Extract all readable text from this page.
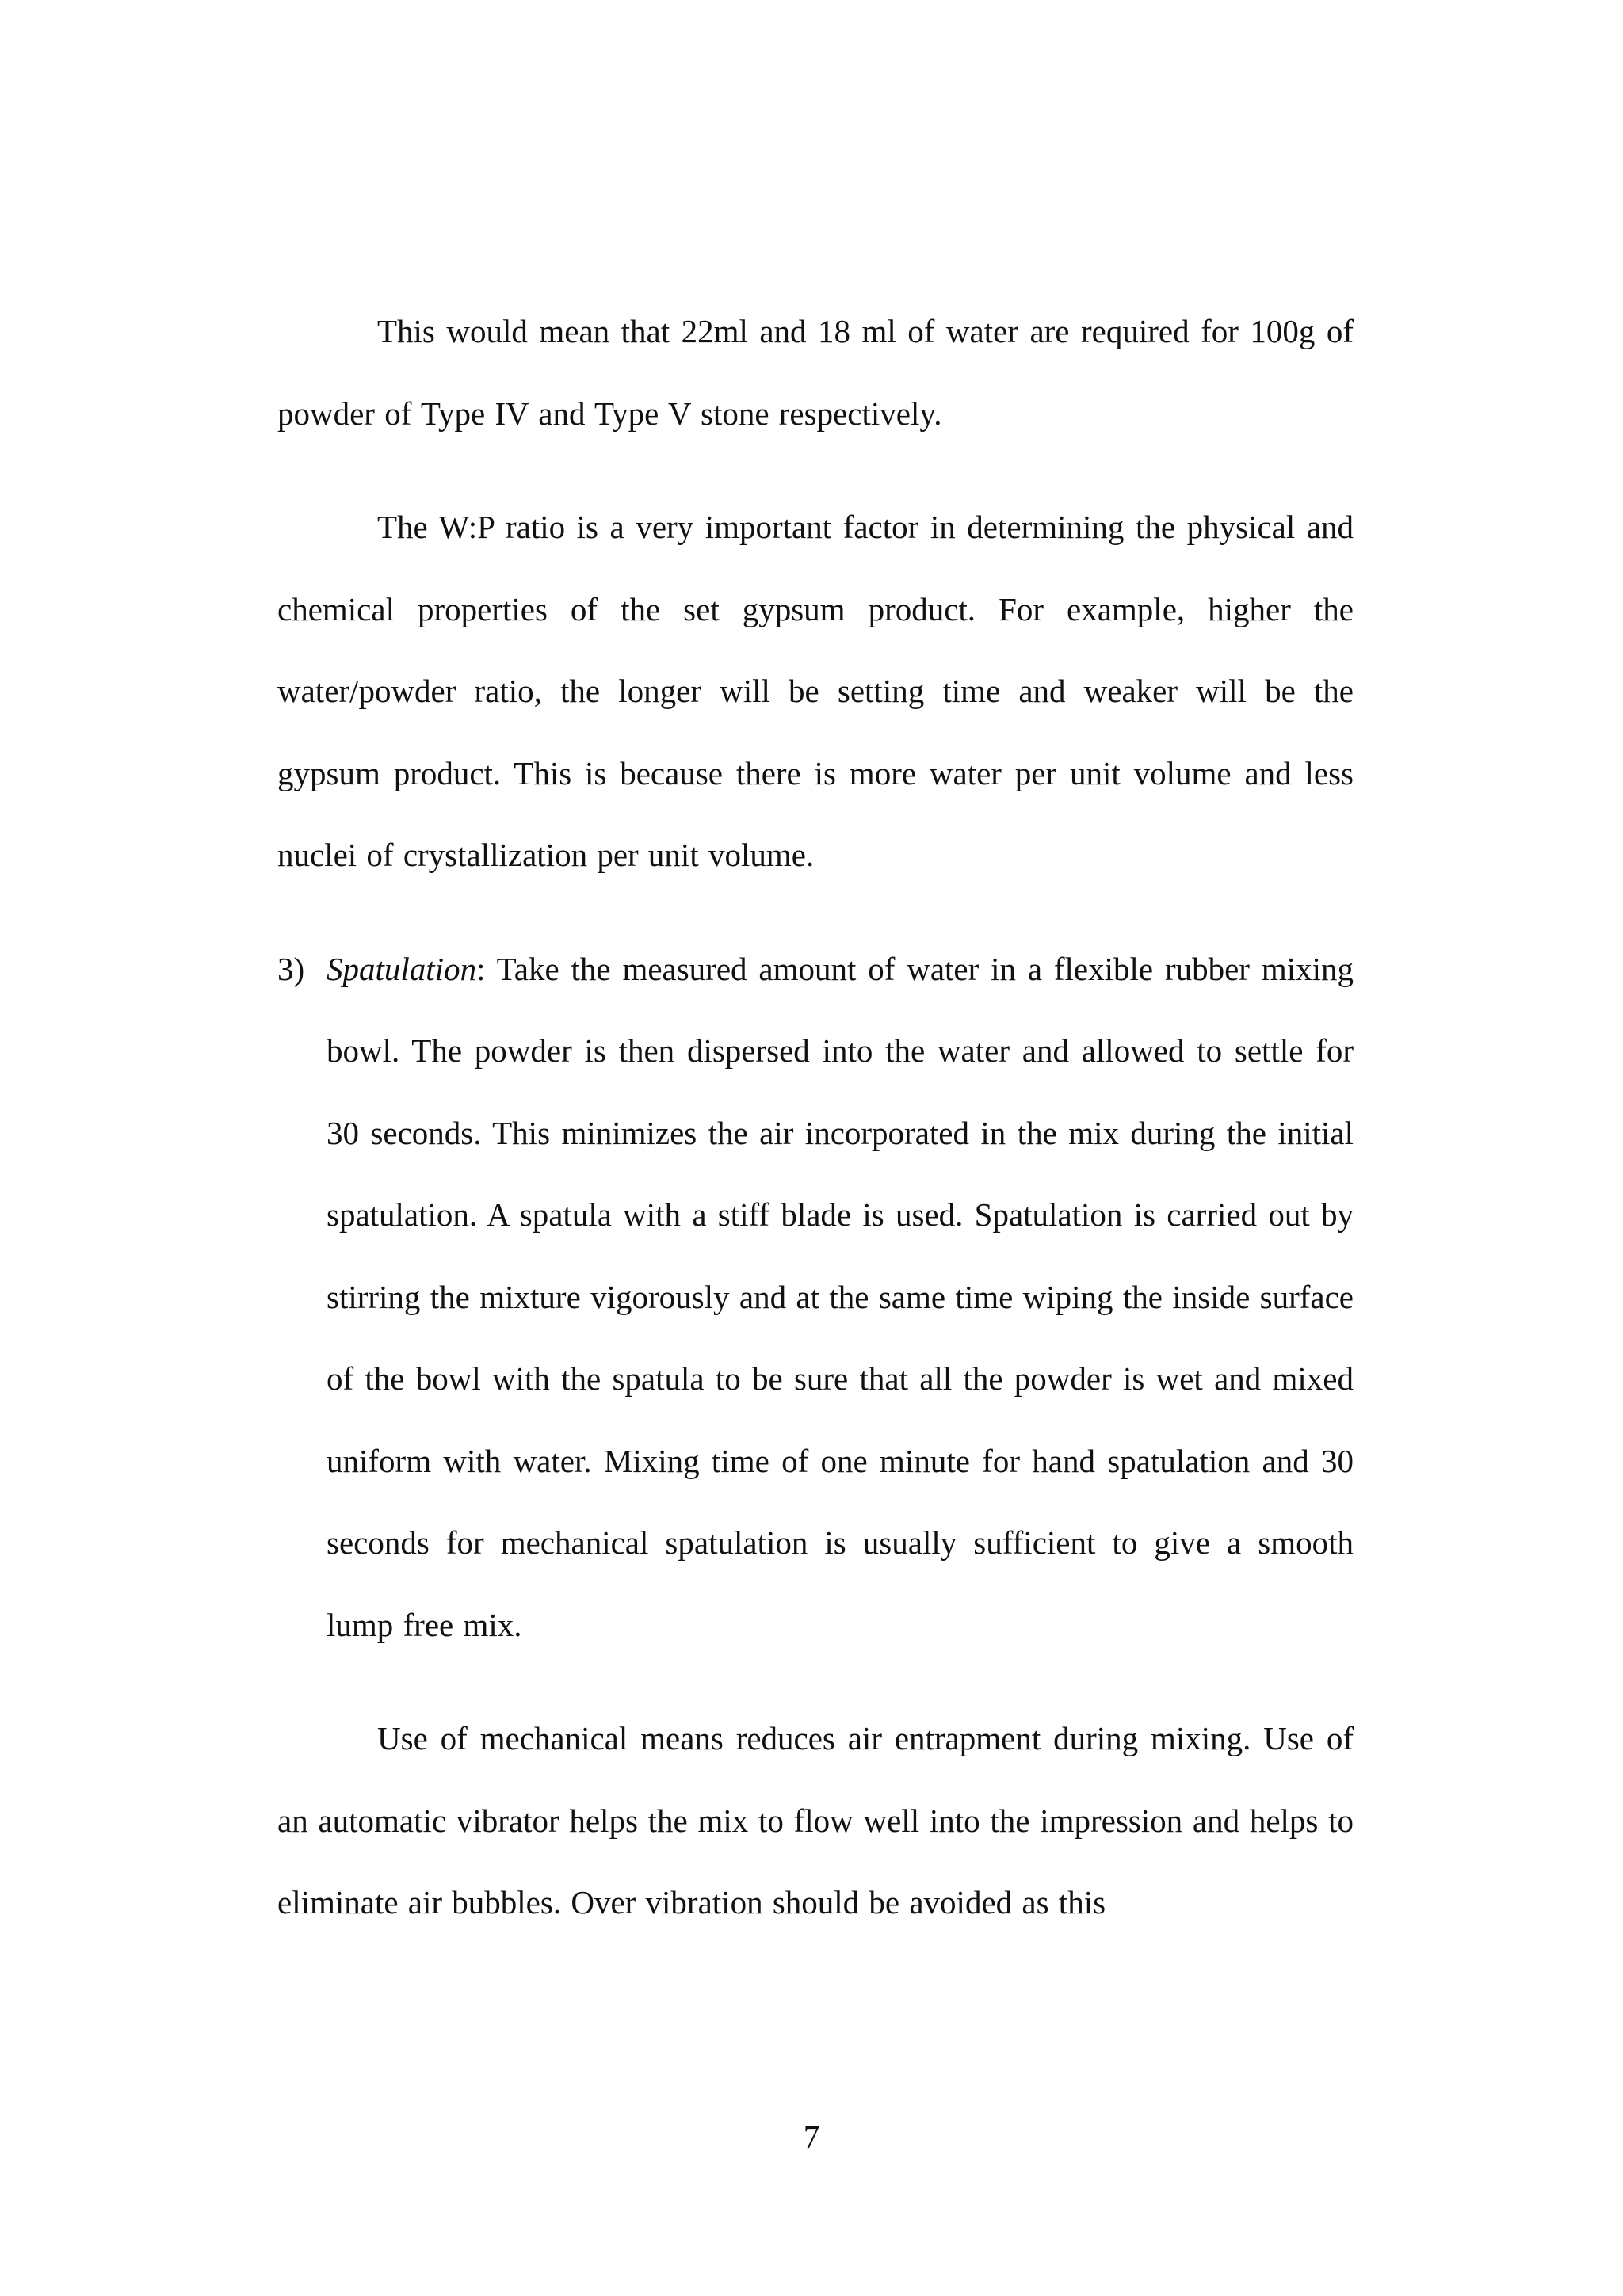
This would mean that 22ml and 18 ml of water are required for 100g of powder of Type IV and Type V stone respectively.

The W:P ratio is a very important factor in determining the physical and chemical properties of the set gypsum product. For example, higher the water/powder ratio, the longer will be setting time and weaker will be the gypsum product. This is because there is more water per unit volume and less nuclei of crystallization per unit volume.

3) Spatulation: Take the measured amount of water in a flexible rubber mixing bowl. The powder is then dispersed into the water and allowed to settle for 30 seconds. This minimizes the air incorporated in the mix during the initial spatulation. A spatula with a stiff blade is used. Spatulation is carried out by stirring the mixture vigorously and at the same time wiping the inside surface of the bowl with the spatula to be sure that all the powder is wet and mixed uniform with water. Mixing time of one minute for hand spatulation and 30 seconds for mechanical spatulation is usually sufficient to give a smooth lump free mix.

Use of mechanical means reduces air entrapment during mixing. Use of an automatic vibrator helps the mix to flow well into the impression and helps to eliminate air bubbles. Over vibration should be avoided as this

7
